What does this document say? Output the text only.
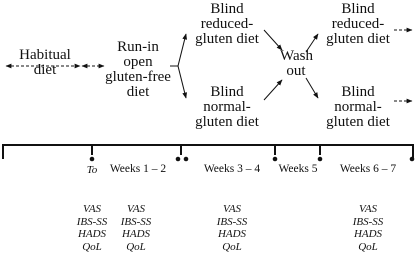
Habitual
diet
Run-in
open
gluten-free
diet
Blind
reduced-
gluten diet
Blind
normal-
gluten diet
Wash
out
Blind
reduced-
gluten diet
Blind
normal-
gluten diet
To	Weeks 1 – 2	Weeks 3 – 4	Weeks 5	Weeks 6 – 7
VAS
IBS-SS
HADS
QoL
VAS
IBS-SS
HADS
QoL
VAS
IBS-SS
HADS
QoL
VAS
IBS-SS
HADS
QoL
